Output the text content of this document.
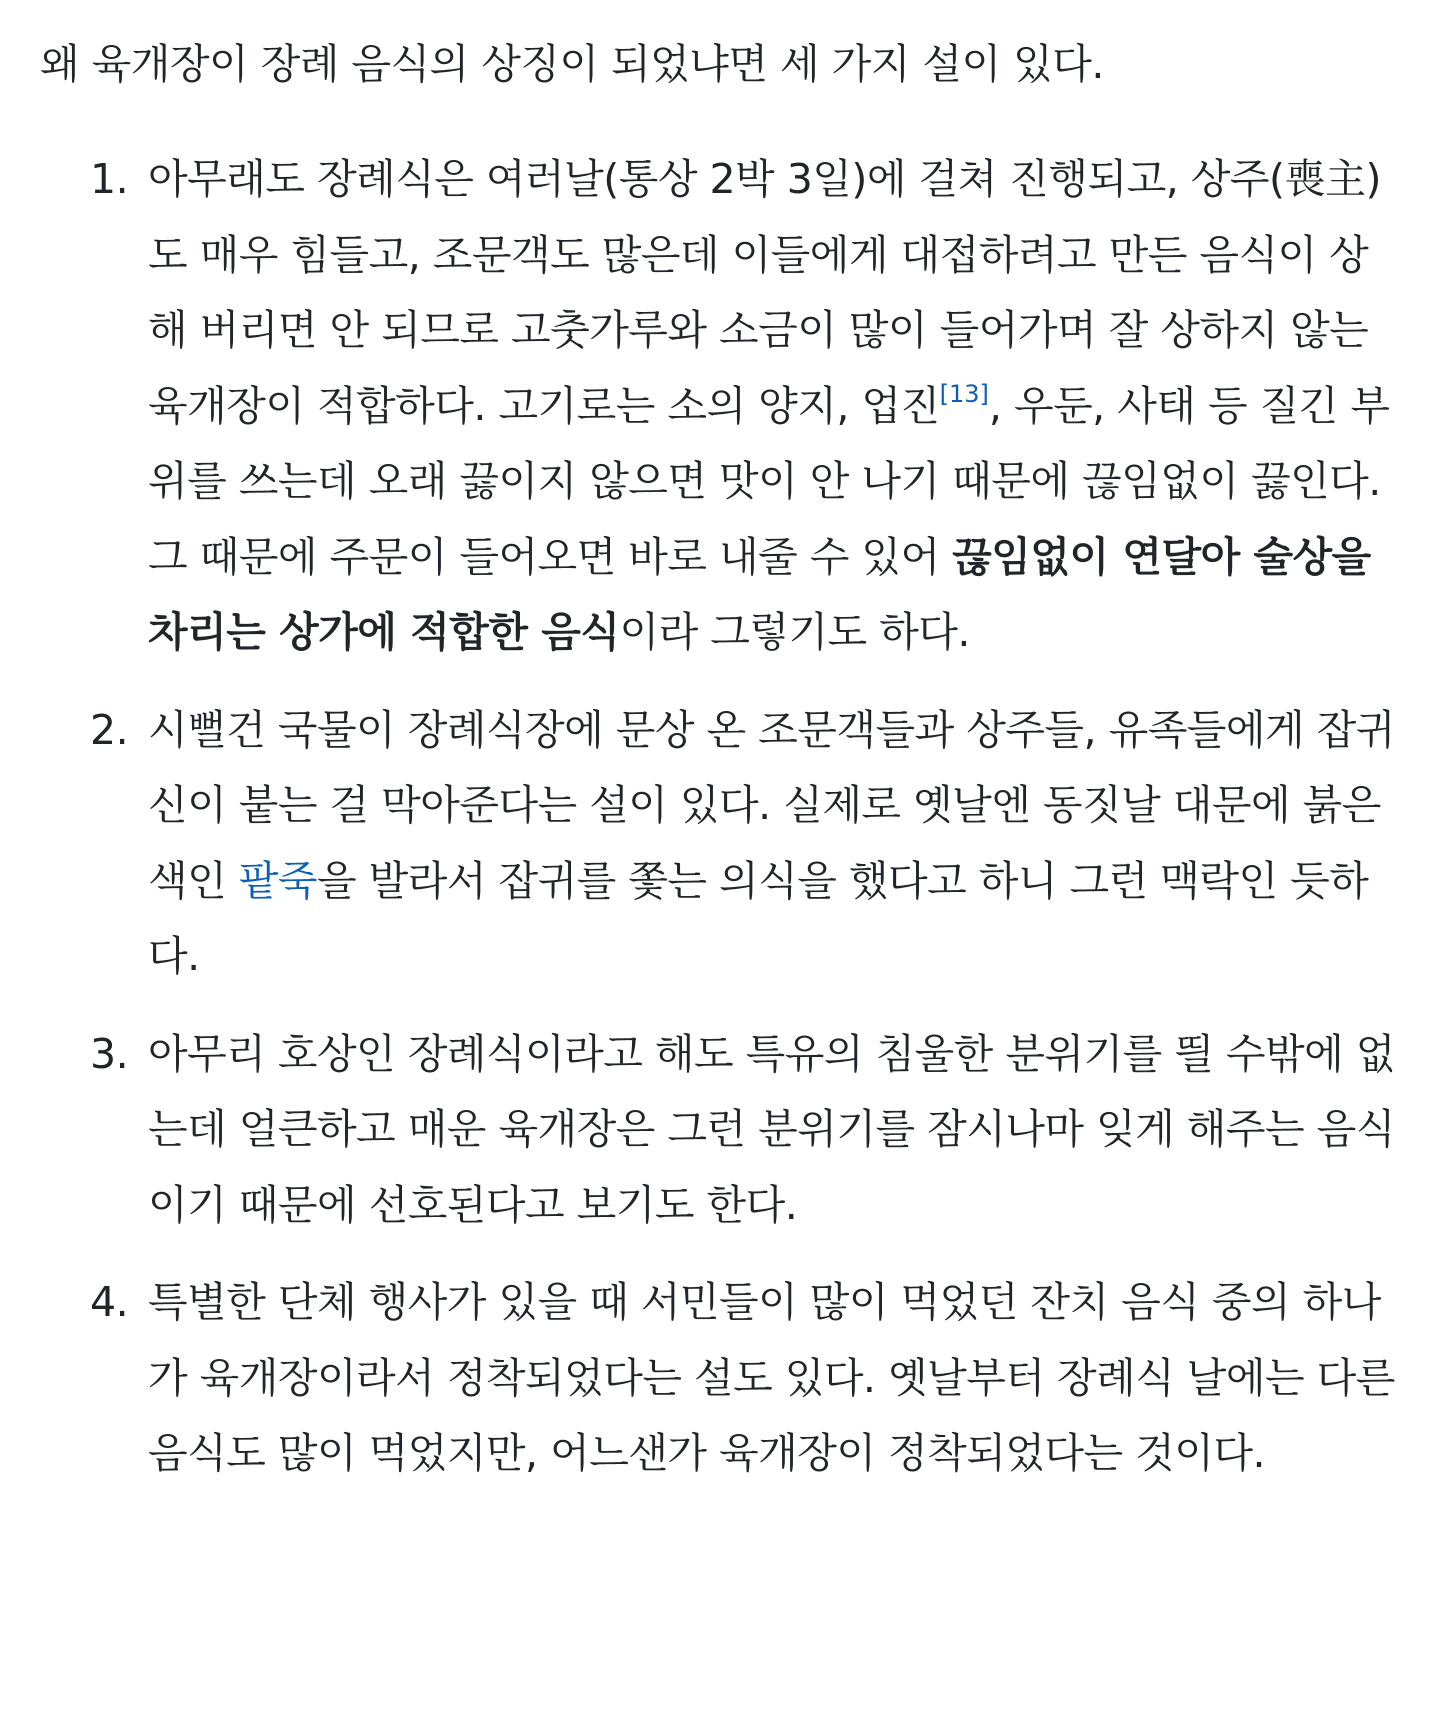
왜 육개장이 장례 음식의 상징이 되었냐면 세 가지 설이 있다.

1. 아무래도 장례식은 여러날(통상 2박 3일)에 걸쳐 진행되고, 상주(喪主)도 매우 힘들고, 조문객도 많은데 이들에게 대접하려고 만든 음식이 상해 버리면 안 되므로 고춧가루와 소금이 많이 들어가며 잘 상하지 않는 육개장이 적합하다. 고기로는 소의 양지, 업진[13], 우둔, 사태 등 질긴 부위를 쓰는데 오래 끓이지 않으면 맛이 안 나기 때문에 끊임없이 끓인다. 그 때문에 주문이 들어오면 바로 내줄 수 있어 끊임없이 연달아 술상을 차리는 상가에 적합한 음식이라 그렇기도 하다.
2. 시뻘건 국물이 장례식장에 문상 온 조문객들과 상주들, 유족들에게 잡귀신이 붙는 걸 막아준다는 설이 있다. 실제로 옛날엔 동짓날 대문에 붉은색인 팥죽을 발라서 잡귀를 쫓는 의식을 했다고 하니 그런 맥락인 듯하다.
3. 아무리 호상인 장례식이라고 해도 특유의 침울한 분위기를 띌 수밖에 없는데 얼큰하고 매운 육개장은 그런 분위기를 잠시나마 잊게 해주는 음식이기 때문에 선호된다고 보기도 한다.
4. 특별한 단체 행사가 있을 때 서민들이 많이 먹었던 잔치 음식 중의 하나가 육개장이라서 정착되었다는 설도 있다. 옛날부터 장례식 날에는 다른 음식도 많이 먹었지만, 어느샌가 육개장이 정착되었다는 것이다.
